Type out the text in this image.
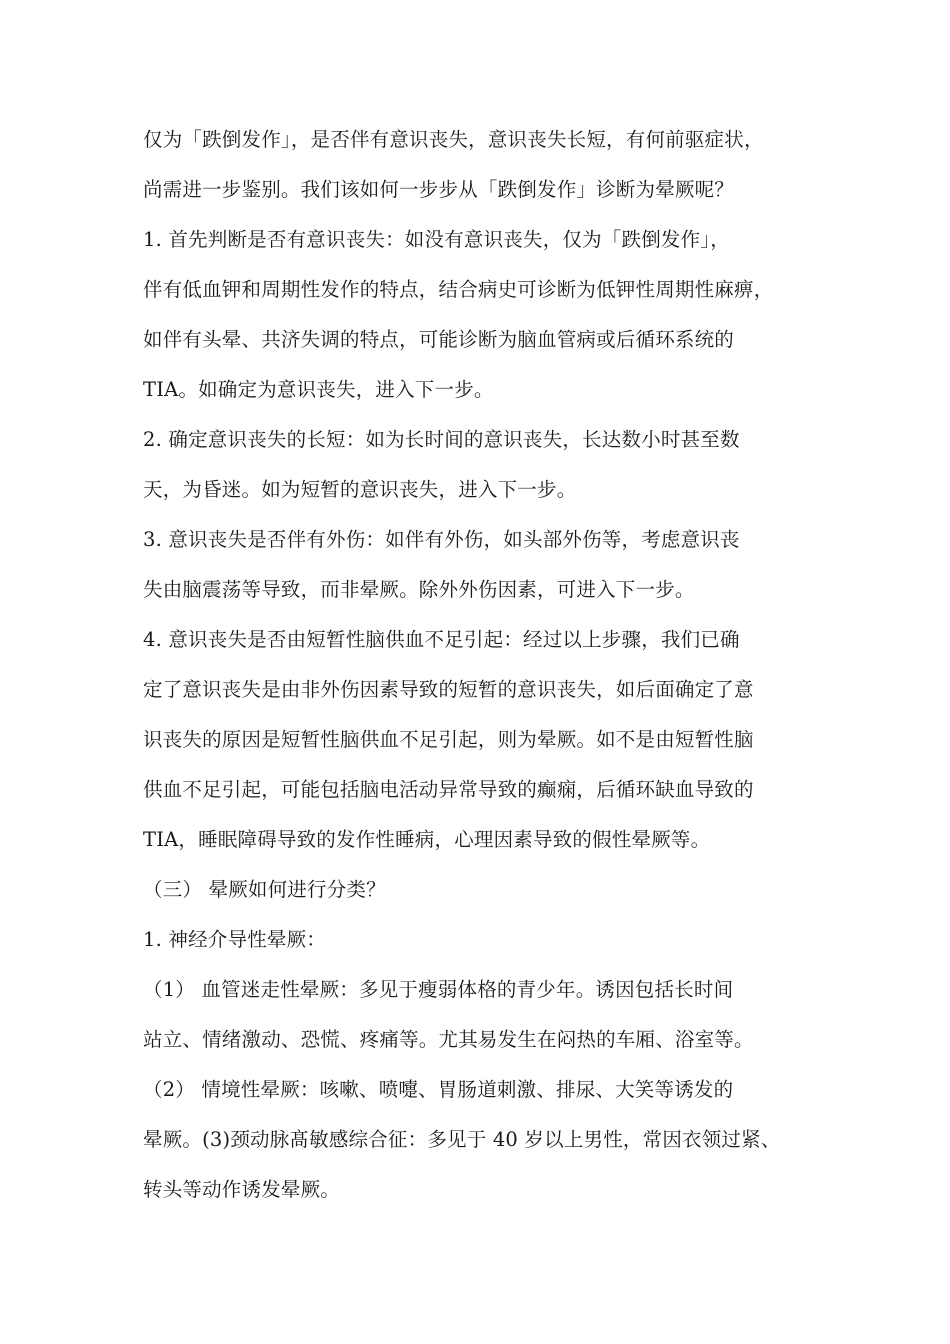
仅为「跌倒发作」，是否伴有意识丧失，意识丧失长短，有何前驱症状，
尚需进一步鉴别。我们该如何一步步从「跌倒发作」诊断为晕厥呢？
1. 首先判断是否有意识丧失：如没有意识丧失，仅为「跌倒发作」，
伴有低血钾和周期性发作的特点，结合病史可诊断为低钾性周期性麻痹，
如伴有头晕、共济失调的特点，可能诊断为脑血管病或后循环系统的
TIA。如确定为意识丧失，进入下一步。
2. 确定意识丧失的长短：如为长时间的意识丧失，长达数小时甚至数
天，为昏迷。如为短暂的意识丧失，进入下一步。
3. 意识丧失是否伴有外伤：如伴有外伤，如头部外伤等，考虑意识丧
失由脑震荡等导致，而非晕厥。除外外伤因素，可进入下一步。
4. 意识丧失是否由短暂性脑供血不足引起：经过以上步骤，我们已确
定了意识丧失是由非外伤因素导致的短暂的意识丧失，如后面确定了意
识丧失的原因是短暂性脑供血不足引起，则为晕厥。如不是由短暂性脑
供血不足引起，可能包括脑电活动异常导致的癫痫，后循环缺血导致的
TIA，睡眠障碍导致的发作性睡病，心理因素导致的假性晕厥等。
（三） 晕厥如何进行分类？
1. 神经介导性晕厥：
（1） 血管迷走性晕厥：多见于瘦弱体格的青少年。诱因包括长时间
站立、情绪激动、恐慌、疼痛等。尤其易发生在闷热的车厢、浴室等。
（2） 情境性晕厥：咳嗽、喷嚏、胃肠道刺激、排尿、大笑等诱发的
晕厥。(3)颈动脉髙敏感综合征：多见于 40 岁以上男性，常因衣领过紧、
转头等动作诱发晕厥。
